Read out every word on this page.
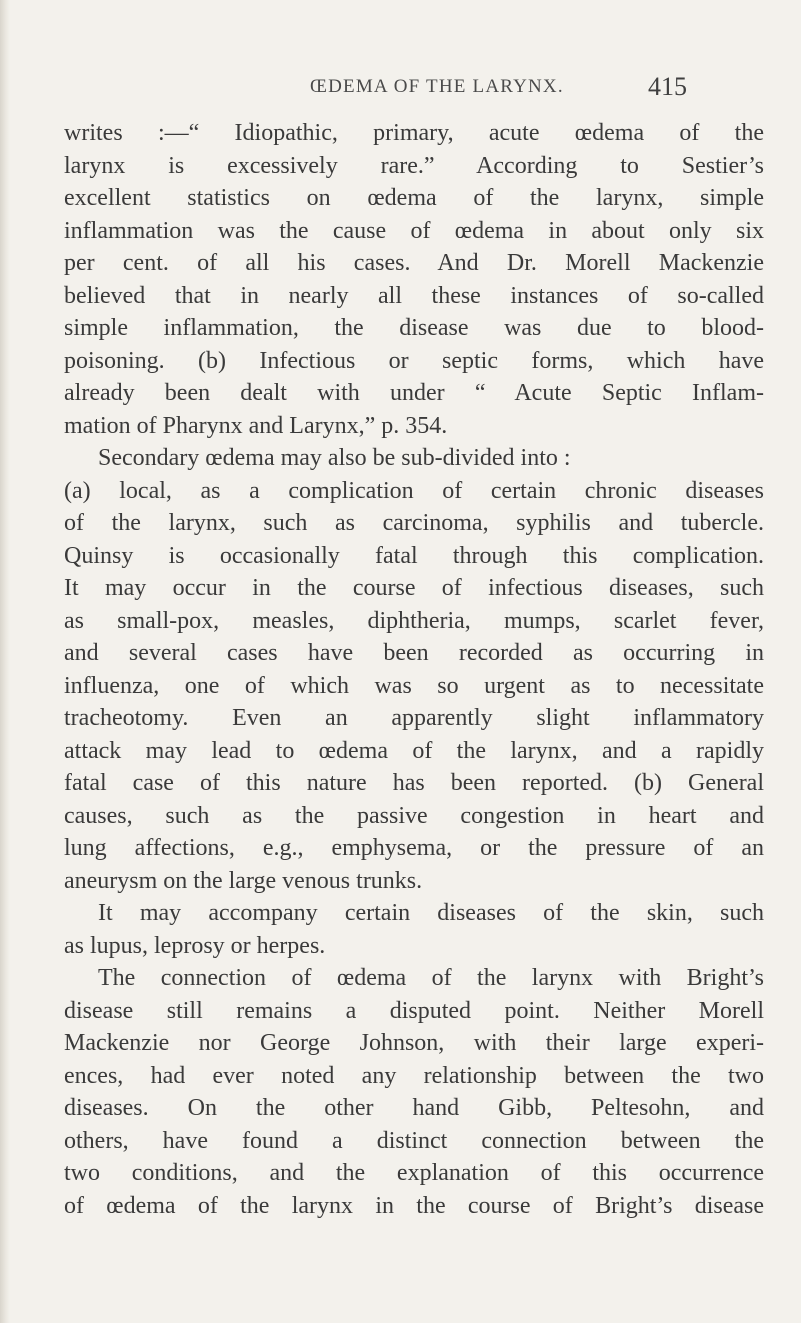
ŒDEMA OF THE LARYNX.	415
writes :—“ Idiopathic, primary, acute œdema of the
larynx is excessively rare.” According to Sestier’s
excellent statistics on œdema of the larynx, simple
inflammation was the cause of œdema in about only six
per cent. of all his cases. And Dr. Morell Mackenzie
believed that in nearly all these instances of so-called
simple inflammation, the disease was due to blood-
poisoning. (b) Infectious or septic forms, which have
already been dealt with under “ Acute Septic Inflam-
mation of Pharynx and Larynx,” p. 354.
Secondary œdema may also be sub-divided into :
(a) local, as a complication of certain chronic diseases
of the larynx, such as carcinoma, syphilis and tubercle.
Quinsy is occasionally fatal through this complication.
It may occur in the course of infectious diseases, such
as small-pox, measles, diphtheria, mumps, scarlet fever,
and several cases have been recorded as occurring in
influenza, one of which was so urgent as to necessitate
tracheotomy. Even an apparently slight inflammatory
attack may lead to œdema of the larynx, and a rapidly
fatal case of this nature has been reported. (b) General
causes, such as the passive congestion in heart and
lung affections, e.g., emphysema, or the pressure of an
aneurysm on the large venous trunks.
It may accompany certain diseases of the skin, such
as lupus, leprosy or herpes.
The connection of œdema of the larynx with Bright’s
disease still remains a disputed point. Neither Morell
Mackenzie nor George Johnson, with their large experi-
ences, had ever noted any relationship between the two
diseases. On the other hand Gibb, Peltesohn, and
others, have found a distinct connection between the
two conditions, and the explanation of this occurrence
of œdema of the larynx in the course of Bright’s disease
